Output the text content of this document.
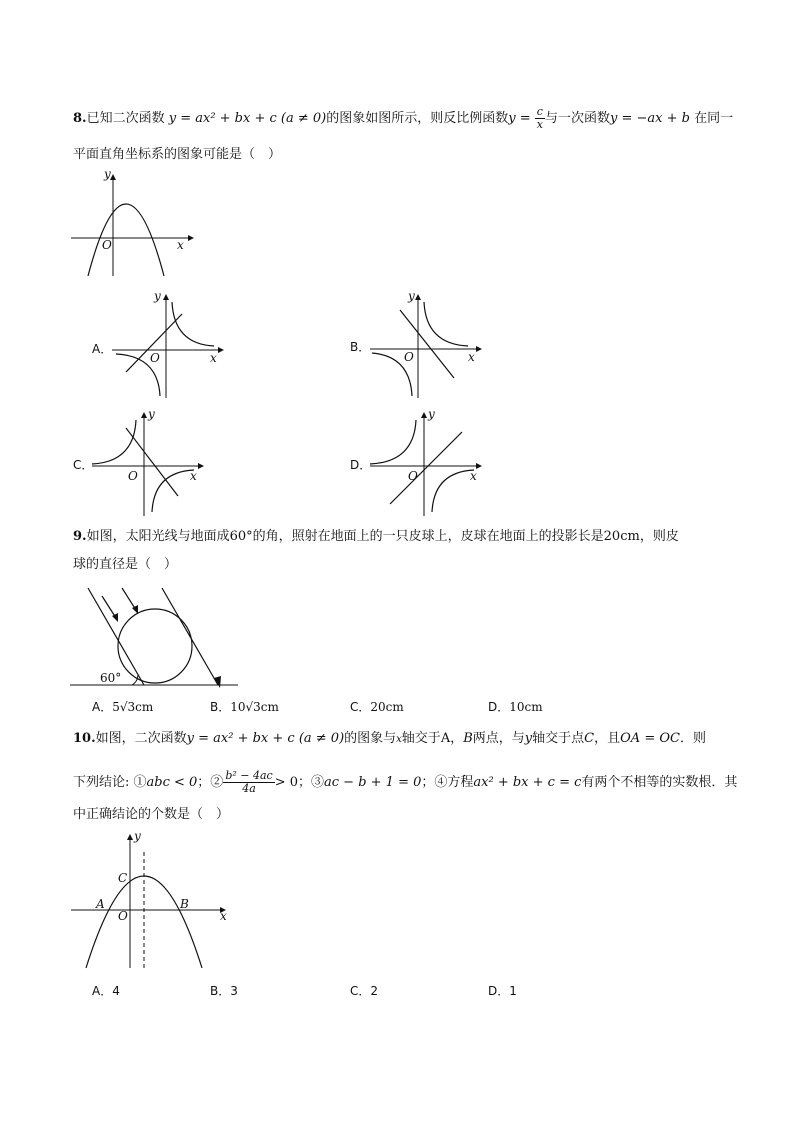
8.已知二次函数 y = ax² + bx + c (a ≠ 0)的图象如图所示，则反比例函数$y = \frac{c}{x}$ 与一次函数y = −ax + b 在同一
平面直角坐标系的图象可能是（　）
y
O	x
A．
y
O	x
B．
y
O	x
C．
y
O	x
D．
y
O	x
9.如图，太阳光线与地面成60°的角，照射在地面上的一只皮球上，皮球在地面上的投影长是20cm，则皮
球的直径是（　）
60°
A．5√3cm	B．10√3cm	C．20cm	D．10cm
10.如图，二次函数y = ax² + bx + c (a ≠ 0)的图象与x轴交于A，B两点，与y轴交于点C，且OA = OC．则
下列结论: ①abc < 0；② $\frac{\text{b² − 4ac}}{4a} > 0$；③ac − b + 1 = 0；④方程ax² + bx + c = c有两个不相等的实数根．其
中正确结论的个数是（　）
y
O	x
A	B
C
A．4	B．3	C．2	D．1
